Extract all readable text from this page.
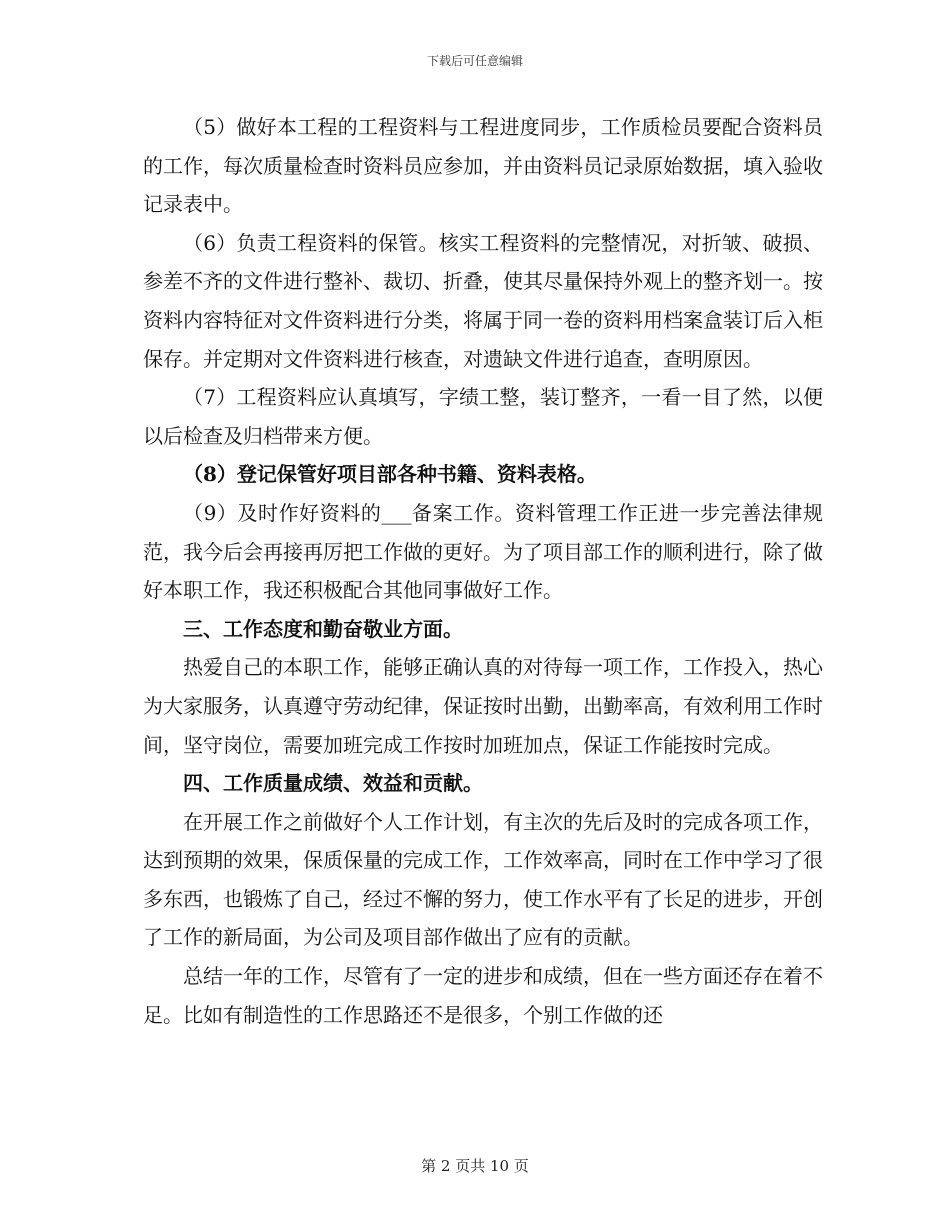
下载后可任意编辑

（5）做好本工程的工程资料与工程进度同步，工作质检员要配合资料员的工作，每次质量检查时资料员应参加，并由资料员记录原始数据，填入验收记录表中。

（6）负责工程资料的保管。核实工程资料的完整情况，对折皱、破损、参差不齐的文件进行整补、裁切、折叠，使其尽量保持外观上的整齐划一。按资料内容特征对文件资料进行分类，将属于同一卷的资料用档案盒装订后入柜保存。并定期对文件资料进行核查，对遗缺文件进行追查，查明原因。

（7）工程资料应认真填写，字绩工整，装订整齐，一看一目了然，以便以后检查及归档带来方便。

（8）登记保管好项目部各种书籍、资料表格。

（9）及时作好资料的___备案工作。资料管理工作正进一步完善法律规范，我今后会再接再厉把工作做的更好。为了项目部工作的顺利进行，除了做好本职工作，我还积极配合其他同事做好工作。

三、工作态度和勤奋敬业方面。

热爱自己的本职工作，能够正确认真的对待每一项工作，工作投入，热心为大家服务，认真遵守劳动纪律，保证按时出勤，出勤率高，有效利用工作时间，坚守岗位，需要加班完成工作按时加班加点，保证工作能按时完成。

四、工作质量成绩、效益和贡献。

在开展工作之前做好个人工作计划，有主次的先后及时的完成各项工作，达到预期的效果，保质保量的完成工作，工作效率高，同时在工作中学习了很多东西，也锻炼了自己，经过不懈的努力，使工作水平有了长足的进步，开创了工作的新局面，为公司及项目部作做出了应有的贡献。

总结一年的工作，尽管有了一定的进步和成绩，但在一些方面还存在着不足。比如有制造性的工作思路还不是很多，个别工作做的还

第 2 页共 10 页
